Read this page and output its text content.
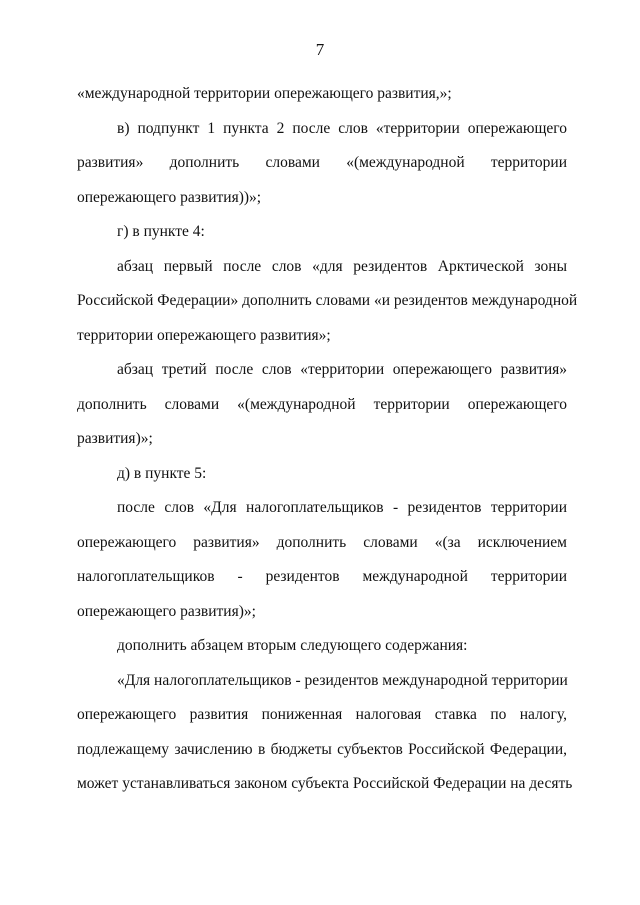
7
«международной территории опережающего развития,»;
в) подпункт 1 пункта 2 после слов «территории опережающего
развития» дополнить словами «(международной территории
опережающего развития))»;
г) в пункте 4:
абзац первый после слов «для резидентов Арктической зоны
Российской Федерации» дополнить словами «и резидентов международной
территории опережающего развития»;
абзац третий после слов «территории опережающего развития»
дополнить словами «(международной территории опережающего
развития)»;
д) в пункте 5:
после слов «Для налогоплательщиков - резидентов территории
опережающего развития» дополнить словами «(за исключением
налогоплательщиков - резидентов международной территории
опережающего развития)»;
дополнить абзацем вторым следующего содержания:
«Для налогоплательщиков - резидентов международной территории
опережающего развития пониженная налоговая ставка по налогу,
подлежащему зачислению в бюджеты субъектов Российской Федерации,
может устанавливаться законом субъекта Российской Федерации на десять
